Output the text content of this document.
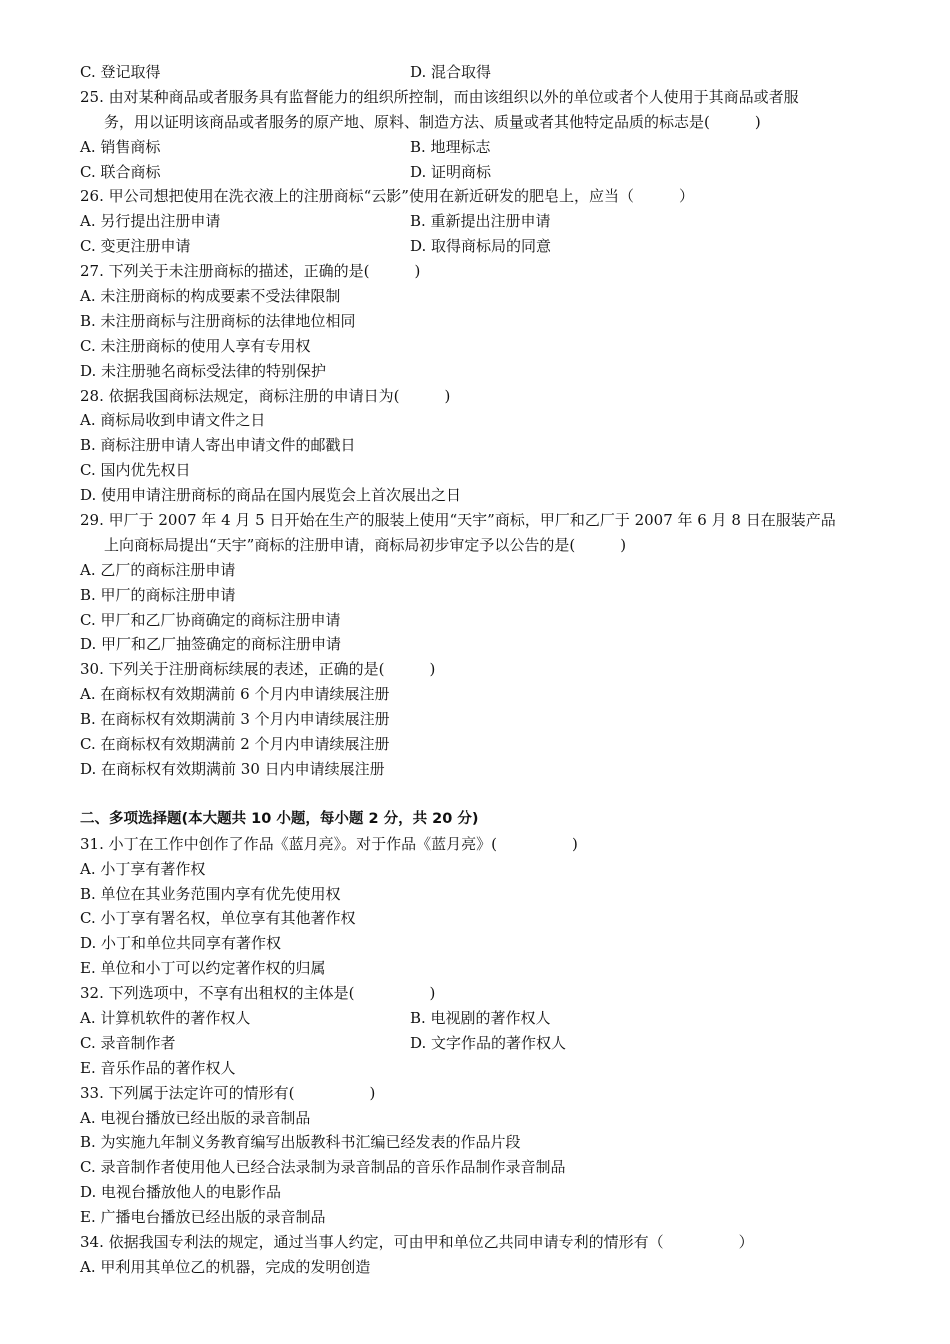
C. 登记取得	D. 混合取得
25. 由对某种商品或者服务具有监督能力的组织所控制，而由该组织以外的单位或者个人使用于其商品或者服
务，用以证明该商品或者服务的原产地、原料、制造方法、质量或者其他特定品质的标志是(　　　)
A. 销售商标	B. 地理标志
C. 联合商标	D. 证明商标
26. 甲公司想把使用在洗衣液上的注册商标“云影”使用在新近研发的肥皂上，应当（　　　）
A. 另行提出注册申请	B. 重新提出注册申请
C. 变更注册申请	D. 取得商标局的同意
27. 下列关于未注册商标的描述，正确的是(　　　)
A. 未注册商标的构成要素不受法律限制
B. 未注册商标与注册商标的法律地位相同
C. 未注册商标的使用人享有专用权
D. 未注册驰名商标受法律的特别保护
28. 依据我国商标法规定，商标注册的申请日为(　　　)
A. 商标局收到申请文件之日
B. 商标注册申请人寄出申请文件的邮戳日
C. 国内优先权日
D. 使用申请注册商标的商品在国内展览会上首次展出之日
29. 甲厂于 2007 年 4 月 5 日开始在生产的服装上使用“天宇”商标，甲厂和乙厂于 2007 年 6 月 8 日在服装产品
上向商标局提出“天宇”商标的注册申请，商标局初步审定予以公告的是(　　　)
A. 乙厂的商标注册申请
B. 甲厂的商标注册申请
C. 甲厂和乙厂协商确定的商标注册申请
D. 甲厂和乙厂抽签确定的商标注册申请
30. 下列关于注册商标续展的表述，正确的是(　　　)
A. 在商标权有效期满前 6 个月内申请续展注册
B. 在商标权有效期满前 3 个月内申请续展注册
C. 在商标权有效期满前 2 个月内申请续展注册
D. 在商标权有效期满前 30 日内申请续展注册
二、多项选择题(本大题共 10 小题，每小题 2 分，共 20 分)
31. 小丁在工作中创作了作品《蓝月亮》。对于作品《蓝月亮》(　　　　　)
A. 小丁享有著作权
B. 单位在其业务范围内享有优先使用权
C. 小丁享有署名权，单位享有其他著作权
D. 小丁和单位共同享有著作权
E. 单位和小丁可以约定著作权的归属
32. 下列选项中，不享有出租权的主体是(　　　　　)
A. 计算机软件的著作权人	B. 电视剧的著作权人
C. 录音制作者	D. 文字作品的著作权人
E. 音乐作品的著作权人
33. 下列属于法定许可的情形有(　　　　　)
A. 电视台播放已经出版的录音制品
B. 为实施九年制义务教育编写出版教科书汇编已经发表的作品片段
C. 录音制作者使用他人已经合法录制为录音制品的音乐作品制作录音制品
D. 电视台播放他人的电影作品
E. 广播电台播放已经出版的录音制品
34. 依据我国专利法的规定，通过当事人约定，可由甲和单位乙共同申请专利的情形有（　　　　　）
A. 甲利用其单位乙的机器，完成的发明创造
